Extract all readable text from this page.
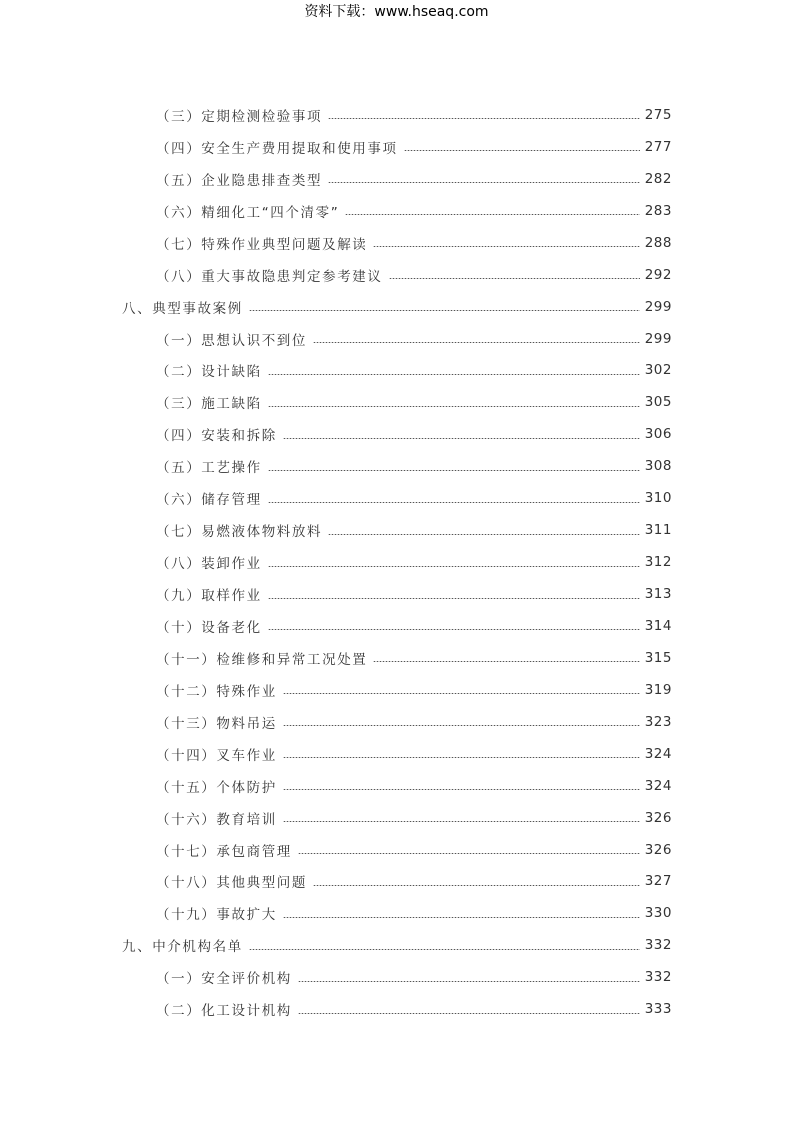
资料下载：www.hseaq.com
（三）定期检测检验事项	275
（四）安全生产费用提取和使用事项	277
（五）企业隐患排查类型	282
（六）精细化工“四个清零”	283
（七）特殊作业典型问题及解读	288
（八）重大事故隐患判定参考建议	292
八、典型事故案例	299
（一）思想认识不到位	299
（二）设计缺陷	302
（三）施工缺陷	305
（四）安装和拆除	306
（五）工艺操作	308
（六）储存管理	310
（七）易燃液体物料放料	311
（八）装卸作业	312
（九）取样作业	313
（十）设备老化	314
（十一）检维修和异常工况处置	315
（十二）特殊作业	319
（十三）物料吊运	323
（十四）叉车作业	324
（十五）个体防护	324
（十六）教育培训	326
（十七）承包商管理	326
（十八）其他典型问题	327
（十九）事故扩大	330
九、中介机构名单	332
（一）安全评价机构	332
（二）化工设计机构	333
